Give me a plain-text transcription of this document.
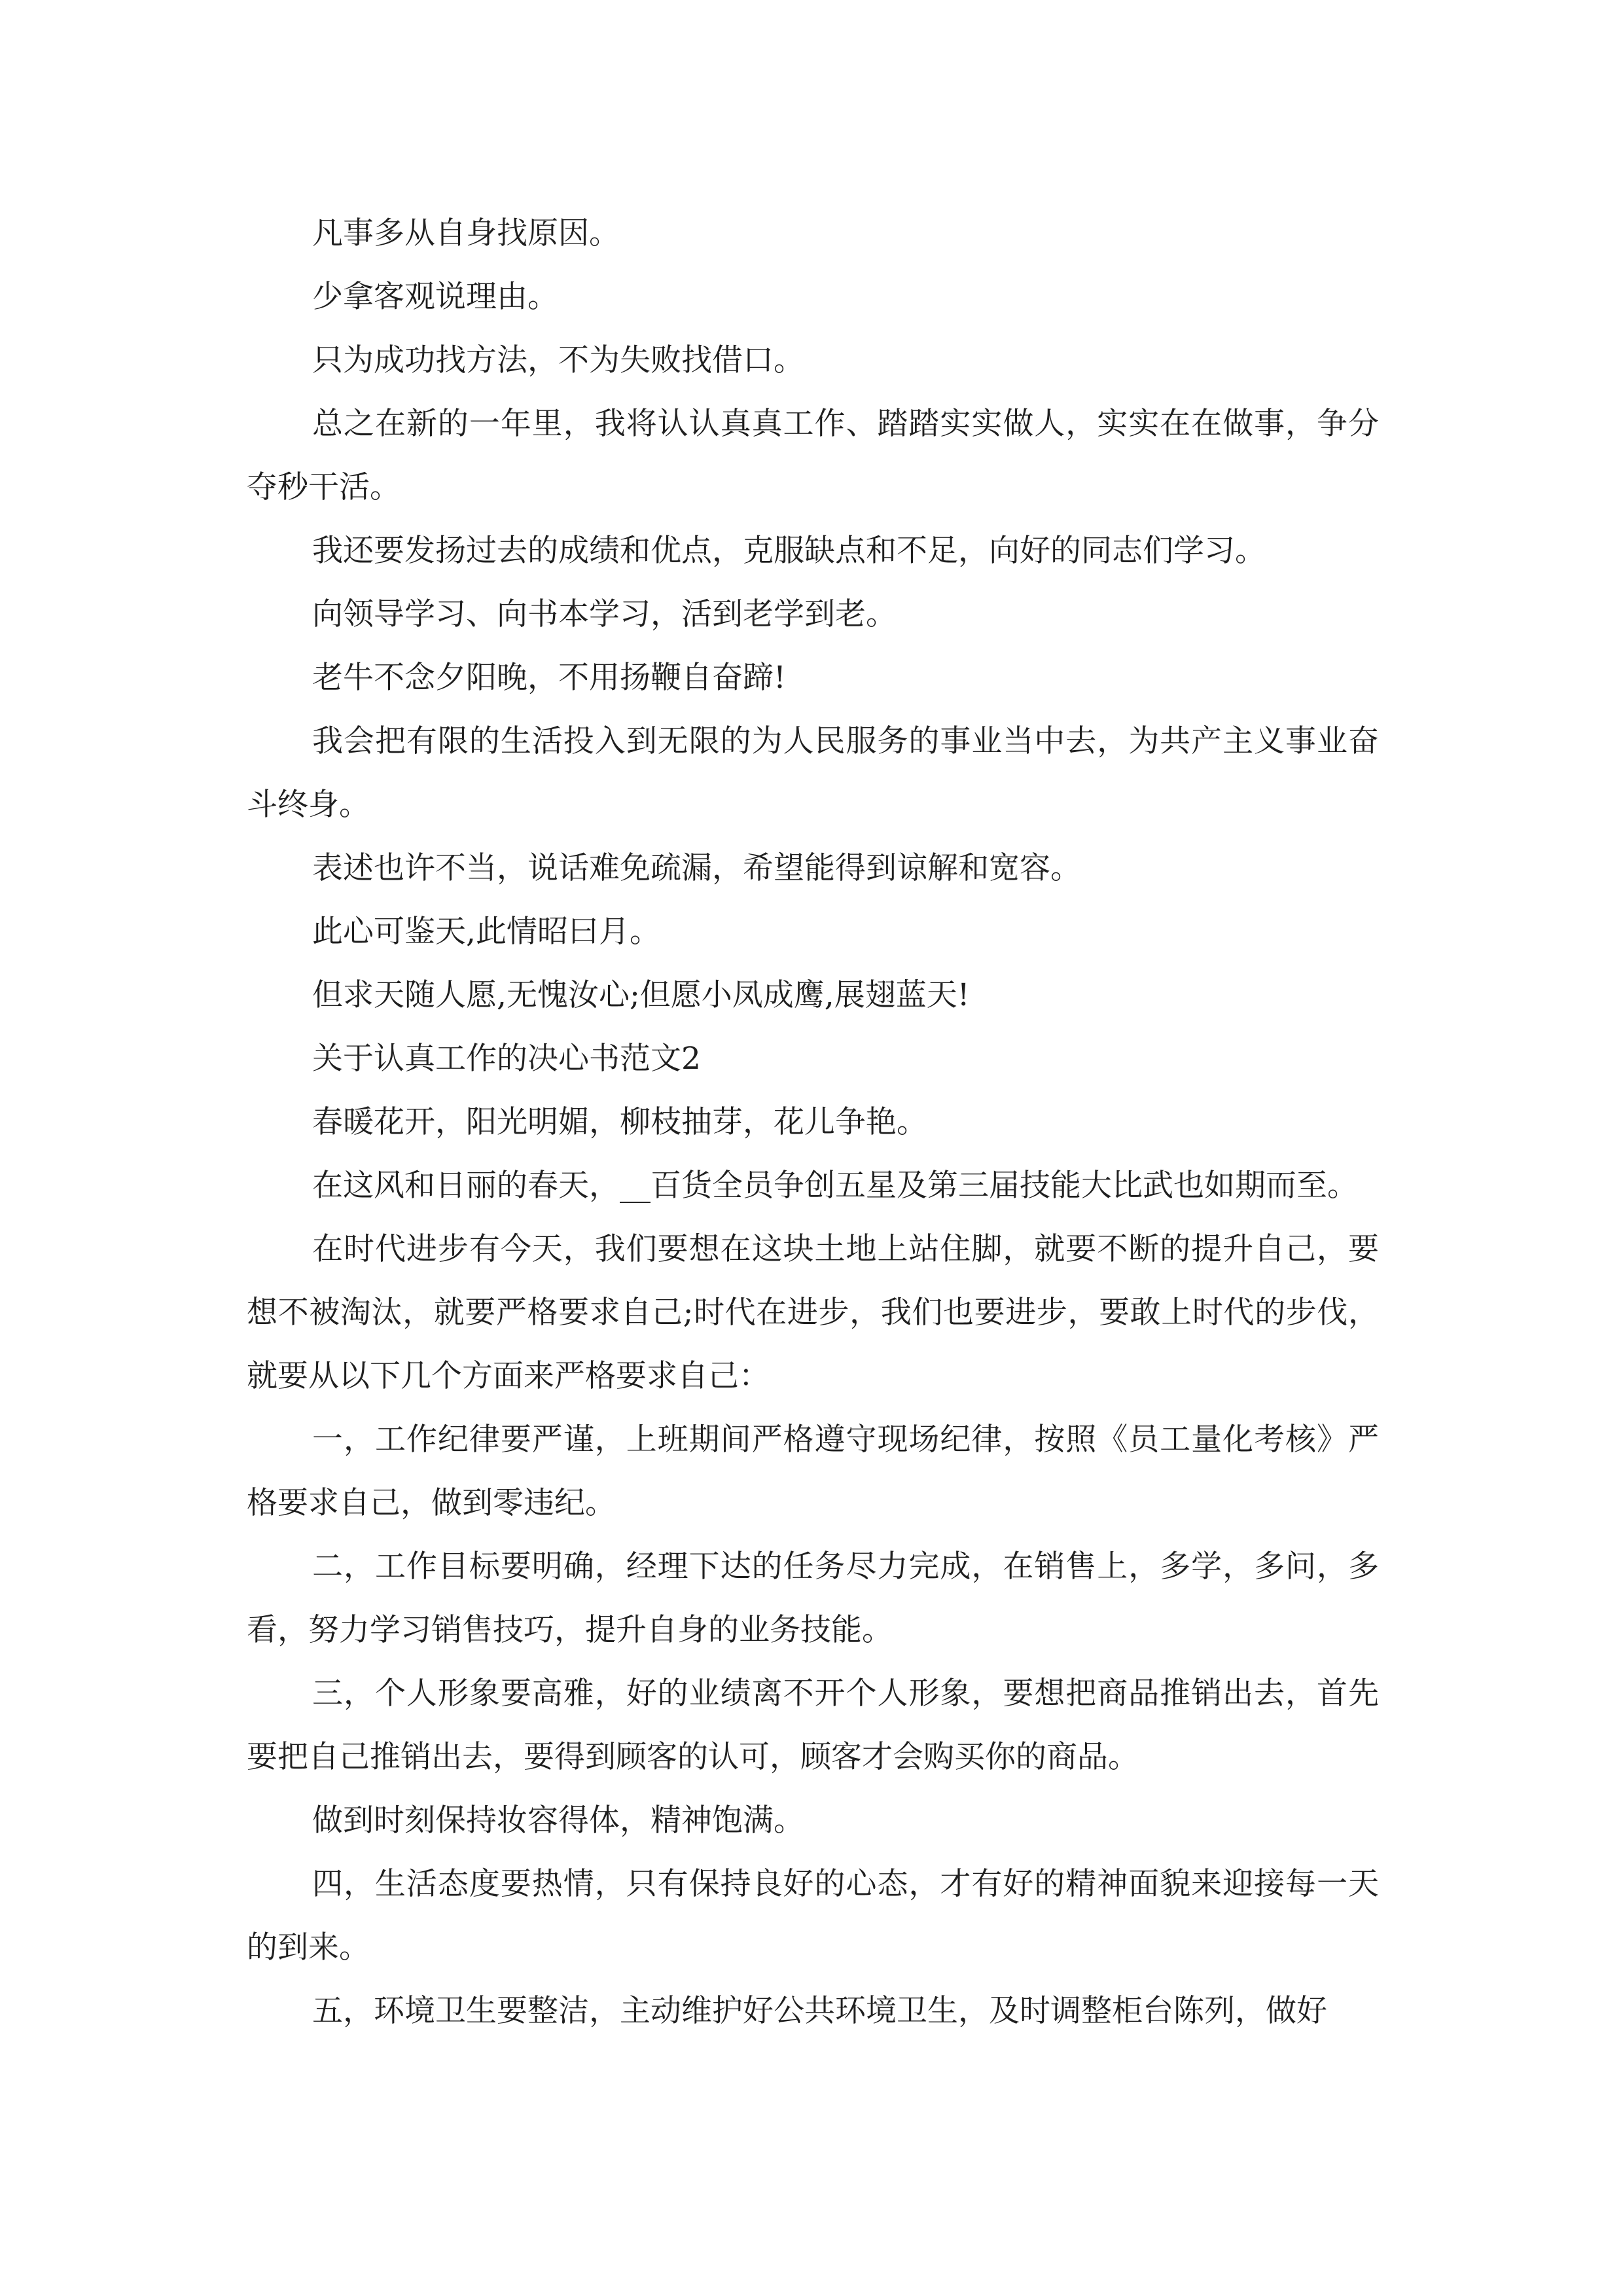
凡事多从自身找原因。

少拿客观说理由。

只为成功找方法，不为失败找借口。

总之在新的一年里，我将认认真真工作、踏踏实实做人，实实在在做事，争分夺秒干活。

我还要发扬过去的成绩和优点，克服缺点和不足，向好的同志们学习。

向领导学习、向书本学习，活到老学到老。

老牛不念夕阳晚，不用扬鞭自奋蹄!

我会把有限的生活投入到无限的为人民服务的事业当中去，为共产主义事业奋斗终身。

表述也许不当，说话难免疏漏，希望能得到谅解和宽容。

此心可鉴天,此情昭曰月。

但求天随人愿,无愧汝心;但愿小凤成鹰,展翅蓝天!

关于认真工作的决心书范文2

春暖花开，阳光明媚，柳枝抽芽，花儿争艳。

在这风和日丽的春天，__百货全员争创五星及第三届技能大比武也如期而至。

在时代进步有今天，我们要想在这块土地上站住脚，就要不断的提升自己，要想不被淘汰，就要严格要求自己;时代在进步，我们也要进步，要敢上时代的步伐，就要从以下几个方面来严格要求自己：

一，工作纪律要严谨，上班期间严格遵守现场纪律，按照《员工量化考核》严格要求自己，做到零违纪。

二，工作目标要明确，经理下达的任务尽力完成，在销售上，多学，多问，多看，努力学习销售技巧，提升自身的业务技能。

三，个人形象要高雅，好的业绩离不开个人形象，要想把商品推销出去，首先要把自己推销出去，要得到顾客的认可，顾客才会购买你的商品。

做到时刻保持妆容得体，精神饱满。

四，生活态度要热情，只有保持良好的心态，才有好的精神面貌来迎接每一天的到来。

五，环境卫生要整洁，主动维护好公共环境卫生，及时调整柜台陈列，做好
